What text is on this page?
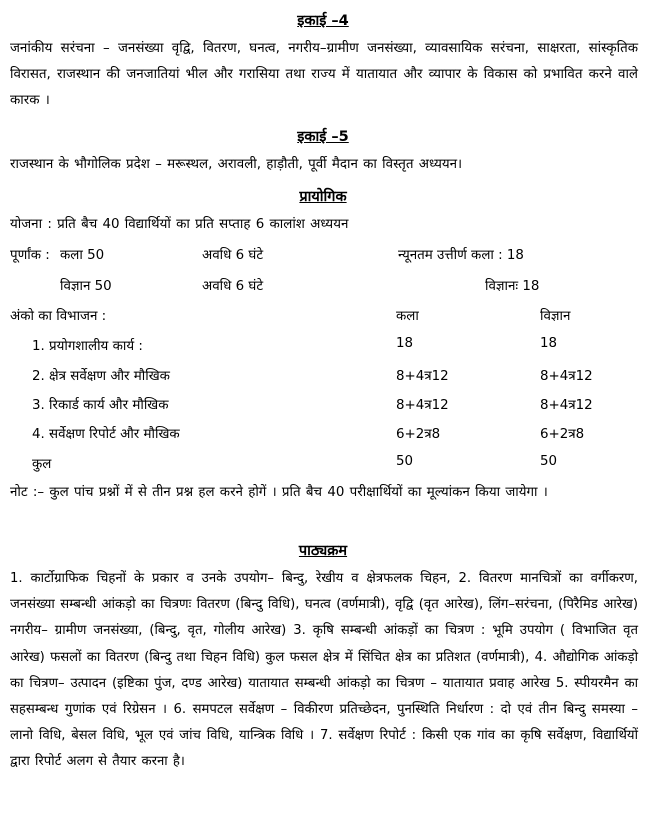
इकाई –4
जनांकीय सरंचना – जनसंख्या वृद्वि, वितरण, घनत्व, नगरीय–ग्रामीण जनसंख्या, व्यावसायिक सरंचना, साक्षरता, सांस्कृतिक विरासत, राजस्थान की जनजातियां भील और गरासिया तथा राज्य में यातायात और व्यापार के विकास को प्रभावित करने वाले कारक ।
इकाई –5
राजस्थान के भौगोलिक प्रदेश – मरूस्थल, अरावली, हाड़ौती, पूर्वी मैदान का विस्तृत अध्ययन।
प्रायोगिक
योजना : प्रति बैच 40 विद्यार्थियों का प्रति सप्ताह 6 कालांश अध्ययन
पूर्णांक : कला 50	अवधि 6 घंटे	न्यूनतम उत्तीर्ण कला : 18
विज्ञान 50	अवधि 6 घंटे	विज्ञानः 18
अंको का विभाजन :	कला	विज्ञान
1. प्रयोगशालीय कार्य :	18	18
2. क्षेत्र सर्वेक्षण और मौखिक	8+4त्र12	8+4त्र12
3. रिकार्ड कार्य और मौखिक	8+4त्र12	8+4त्र12
4. सर्वेक्षण रिपोर्ट और मौखिक	6+2त्र8	6+2त्र8
कुल	50	50
नोट :– कुल पांच प्रश्नों में से तीन प्रश्न हल करने होगें । प्रति बैच 40 परीक्षार्थियों का मूल्यांकन किया जायेगा ।
पाठ्यक्रम
1. कार्टोग्राफिक चिहनों के प्रकार व उनके उपयोग– बिन्दु, रेखीय व क्षेत्रफलक चिहन, 2. वितरण मानचित्रों का वर्गीकरण, जनसंख्या सम्बन्धी आंकड़ो का चित्रणः वितरण (बिन्दु विधि), घनत्व (वर्णमात्री), वृद्वि (वृत आरेख), लिंग–सरंचना, (पिरैमिड आरेख) नगरीय– ग्रामीण जनसंख्या, (बिन्दु, वृत, गोलीय आरेख) 3. कृषि सम्बन्धी आंकड़ों का चित्रण : भूमि उपयोग ( विभाजित वृत आरेख) फसलों का वितरण (बिन्दु तथा चिहन विधि) कुल फसल क्षेत्र में सिंचित क्षेत्र का प्रतिशत (वर्णमात्री), 4. औद्योगिक आंकड़ो का चित्रण– उत्पादन (इष्टिका पुंज, दण्ड आरेख) यातायात सम्बन्धी आंकड़ो का चित्रण – यातायात प्रवाह आरेख 5. स्पीयरमैन का सहसम्बन्ध गुणांक एवं रिग्रेसन । 6. समपटल सर्वेक्षण – विकीरण प्रतिच्छेदन, पुनस्थिति निर्धारण : दो एवं तीन बिन्दु समस्या – लानो विधि, बेसल विधि, भूल एवं जांच विधि, यान्त्रिक विधि । 7. सर्वेक्षण रिपोर्ट : किसी एक गांव का कृषि सर्वेक्षण, विद्यार्थियों द्वारा रिपोर्ट अलग से तैयार करना है।
